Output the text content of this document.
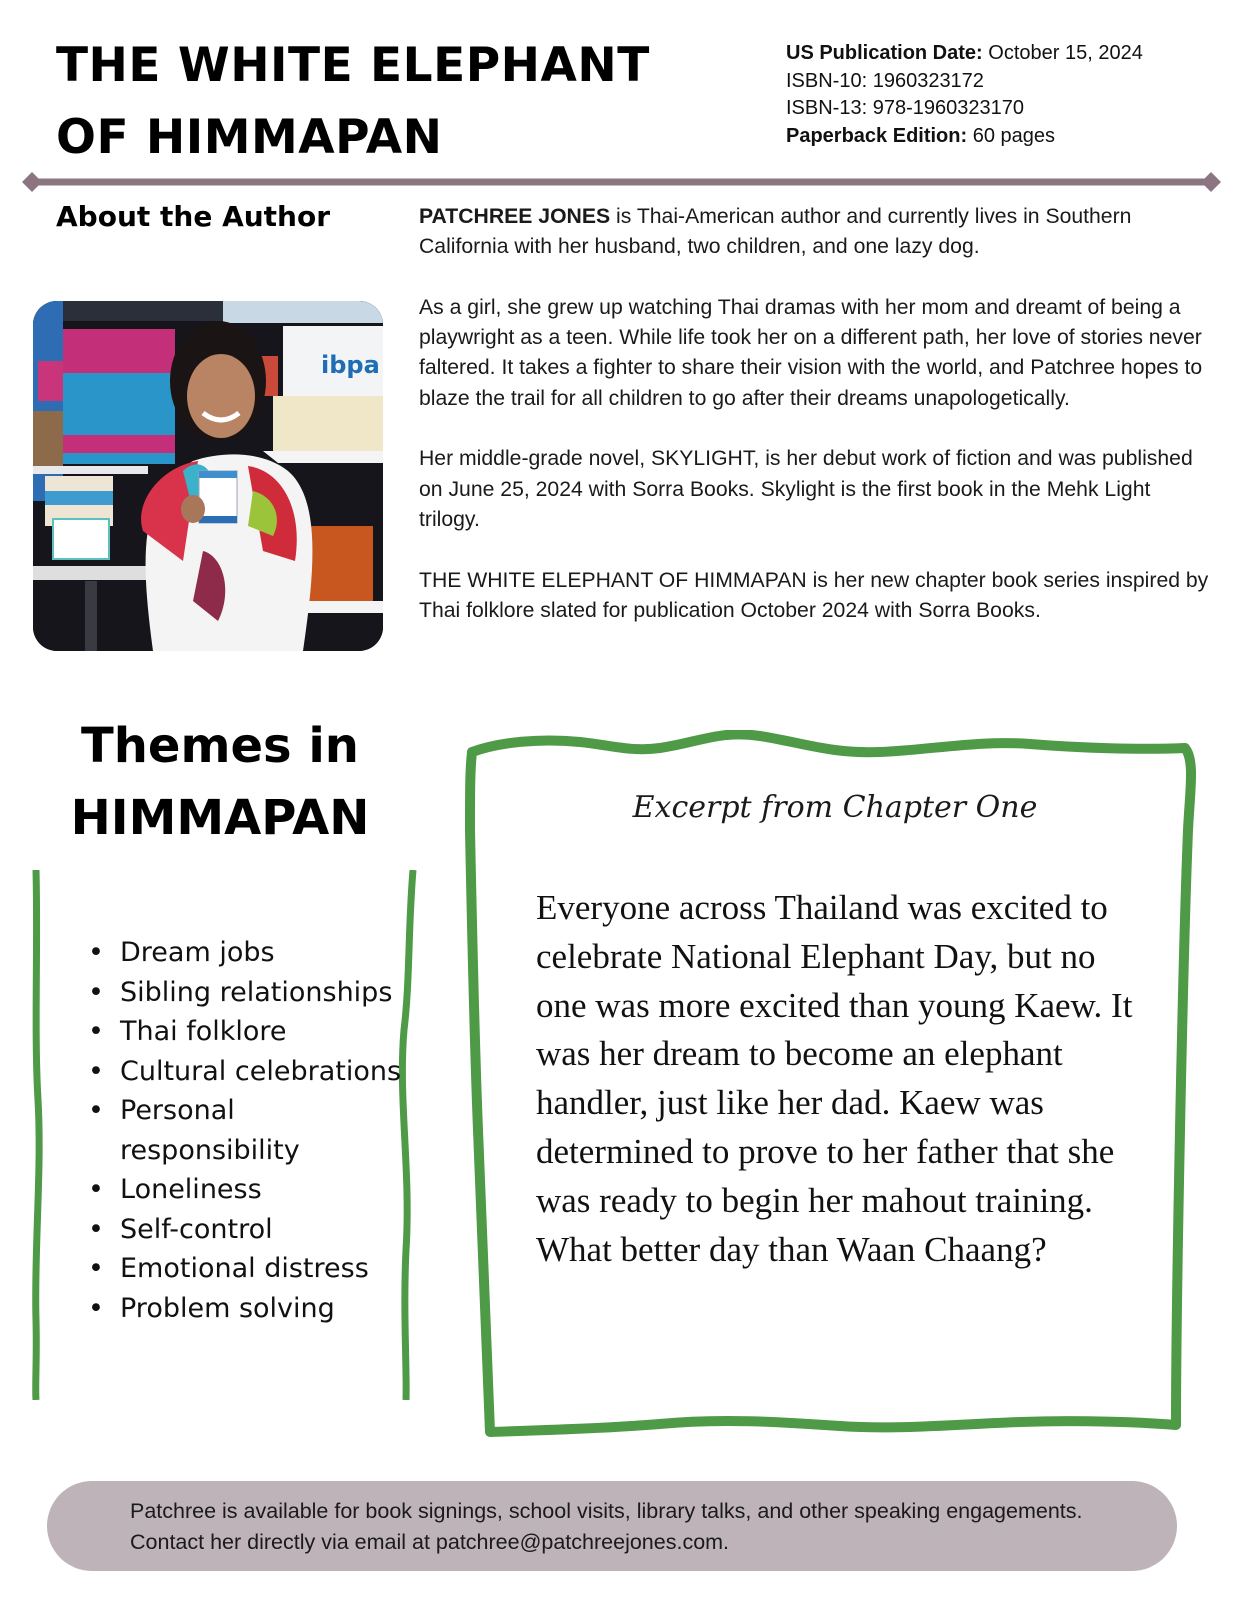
THE WHITE ELEPHANT
OF HIMMAPAN
US Publication Date: October 15, 2024
ISBN-10: 1960323172
ISBN-13: 978-1960323170
Paperback Edition: 60 pages
About the Author
ibpa

PATCHREE JONES is Thai-American author and currently lives in Southern California with her husband, two children, and one lazy dog.

As a girl, she grew up watching Thai dramas with her mom and dreamt of being a playwright as a teen. While life took her on a different path, her love of stories never faltered. It takes a fighter to share their vision with the world, and Patchree hopes to blaze the trail for all children to go after their dreams unapologetically.

Her middle-grade novel, SKYLIGHT, is her debut work of fiction and was published on June 25, 2024 with Sorra Books. Skylight is the first book in the Mehk Light trilogy.

THE WHITE ELEPHANT OF HIMMAPAN is her new chapter book series inspired by Thai folklore slated for publication October 2024 with Sorra Books.

Themes in
HIMMAPAN
• Dream jobs
• Sibling relationships
• Thai folklore
• Cultural celebrations
• Personal responsibility
• Loneliness
• Self-control
• Emotional distress
• Problem solving
Excerpt from Chapter One
Everyone across Thailand was excited to celebrate National Elephant Day, but no one was more excited than young Kaew. It was her dream to become an elephant handler, just like her dad. Kaew was determined to prove to her father that she was ready to begin her mahout training. What better day than Waan Chaang?
Patchree is available for book signings, school visits, library talks, and other speaking engagements. Contact her directly via email at patchree@patchreejones.com.
